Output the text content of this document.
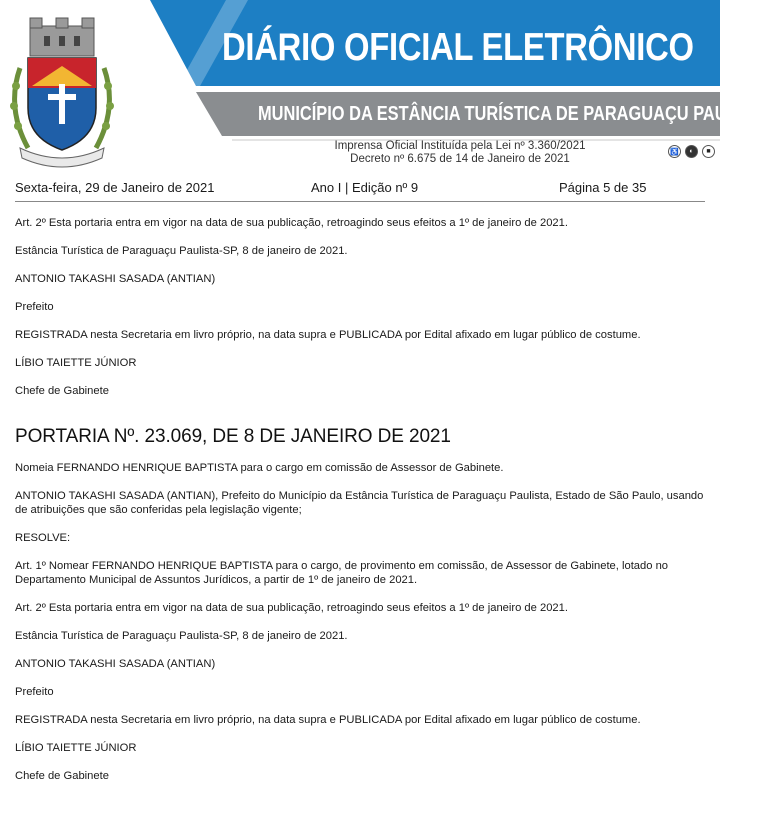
DIÁRIO OFICIAL ELETRÔNICO
MUNICÍPIO DA ESTÂNCIA TURÍSTICA DE PARAGUAÇU PAULISTA
Imprensa Oficial Instituída pela Lei nº 3.360/2021
Decreto nº 6.675 de 14 de Janeiro de 2021
♿	◐	■
Sexta-feira, 29 de Janeiro de 2021	Ano I | Edição nº 9	Página 5 de 35

Art. 2º Esta portaria entra em vigor na data de sua publicação, retroagindo seus efeitos a 1º de janeiro de 2021.

Estância Turística de Paraguaçu Paulista-SP, 8 de janeiro de 2021.

ANTONIO TAKASHI SASADA (ANTIAN)

Prefeito

REGISTRADA nesta Secretaria em livro próprio, na data supra e PUBLICADA por Edital afixado em lugar público de costume.

LÍBIO TAIETTE JÚNIOR

Chefe de Gabinete

PORTARIA Nº. 23.069, DE 8 DE JANEIRO DE 2021

Nomeia FERNANDO HENRIQUE BAPTISTA para o cargo em comissão de Assessor de Gabinete.

ANTONIO TAKASHI SASADA (ANTIAN), Prefeito do Município da Estância Turística de Paraguaçu Paulista, Estado de São Paulo, usando de atribuições que são conferidas pela legislação vigente;

RESOLVE:

Art. 1º Nomear FERNANDO HENRIQUE BAPTISTA para o cargo, de provimento em comissão, de Assessor de Gabinete, lotado no Departamento Municipal de Assuntos Jurídicos, a partir de 1º de janeiro de 2021.

Art. 2º Esta portaria entra em vigor na data de sua publicação, retroagindo seus efeitos a 1º de janeiro de 2021.

Estância Turística de Paraguaçu Paulista-SP, 8 de janeiro de 2021.

ANTONIO TAKASHI SASADA (ANTIAN)

Prefeito

REGISTRADA nesta Secretaria em livro próprio, na data supra e PUBLICADA por Edital afixado em lugar público de costume.

LÍBIO TAIETTE JÚNIOR

Chefe de Gabinete
